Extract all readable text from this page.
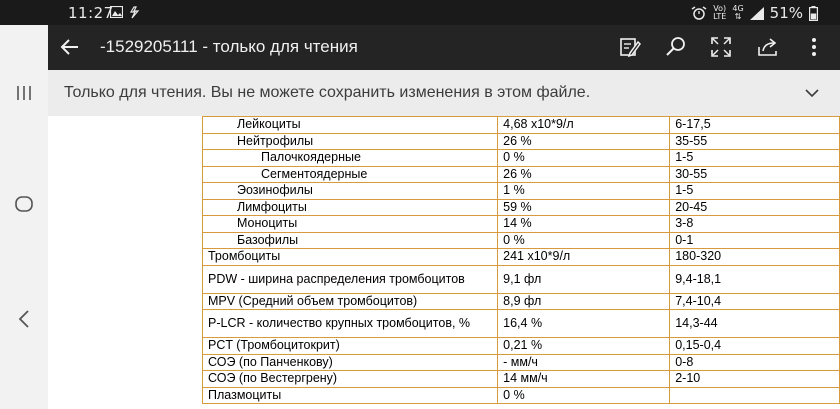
11:27	Vo)
LTE
4G
⇅ 51%
-1529205111 - только для чтения
Только для чтения. Вы не можете сохранить изменения в этом файле.
Лейкоциты	4,68 x10*9/л	6-17,5
Нейтрофилы	26 %	35-55
Палочкоядерные	0 %	1-5
Сегментоядерные	26 %	30-55
Эозинофилы	1 %	1-5
Лимфоциты	59 %	20-45
Моноциты	14 %	3-8
Базофилы	0 %	0-1
Тромбоциты	241 x10*9/л	180-320
PDW - ширина распределения тромбоцитов	9,1 фл	9,4-18,1
MPV (Средний объем тромбоцитов)	8,9 фл	7,4-10,4
P-LCR - количество крупных тромбоцитов, %	16,4 %	14,3-44
PCT (Тромбоцитокрит)	0,21 %	0,15-0,4
СОЭ (по Панченкову)	- мм/ч	0-8
СОЭ (по Вестергрену)	14 мм/ч	2-10
Плазмоциты	0 %	
